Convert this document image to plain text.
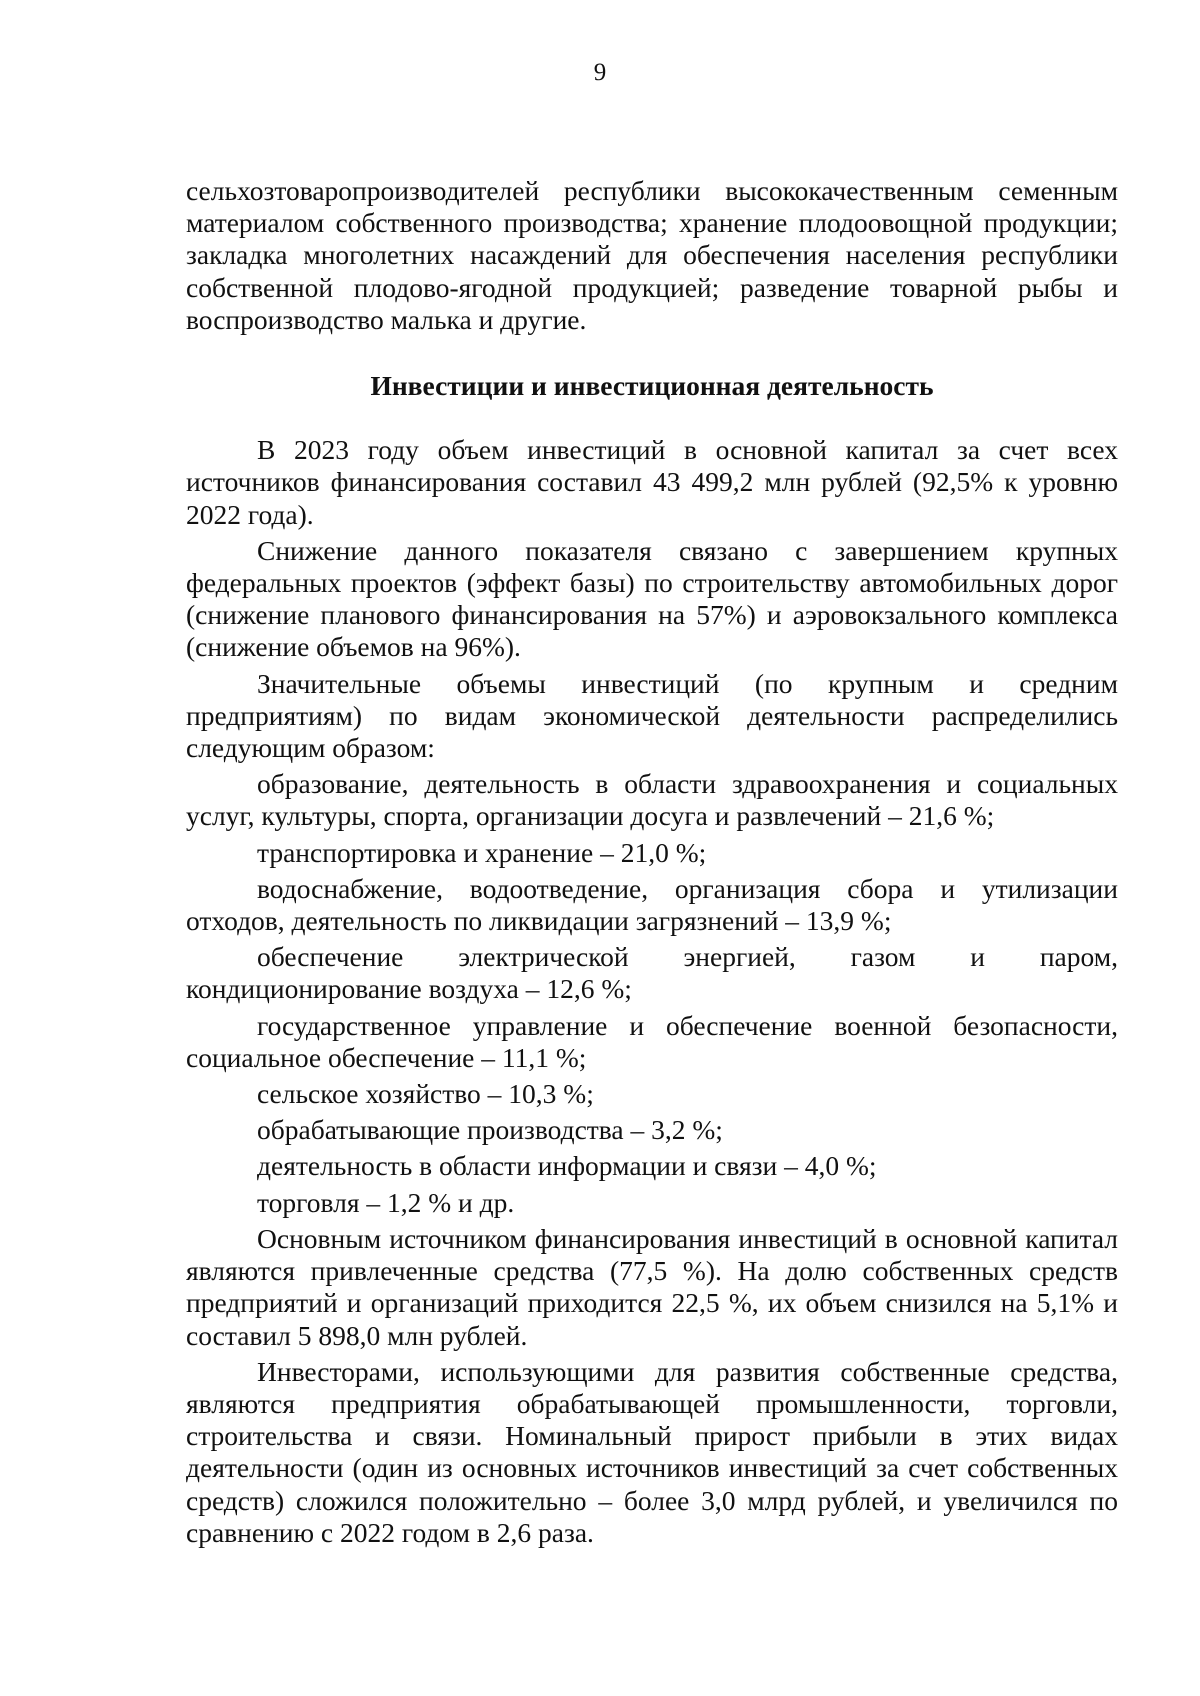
9

сельхозтоваропроизводителей республики высококачественным семенным материалом собственного производства; хранение плодоовощной продукции; закладка многолетних насаждений для обеспечения населения республики собственной плодово-ягодной продукцией; разведение товарной рыбы и воспроизводство малька и другие.

Инвестиции и инвестиционная деятельность

В 2023 году объем инвестиций в основной капитал за счет всех источников финансирования составил 43 499,2 млн рублей (92,5% к уровню 2022 года).

Снижение данного показателя связано с завершением крупных федеральных проектов (эффект базы) по строительству автомобильных дорог (снижение планового финансирования на 57%) и аэровокзального комплекса (снижение объемов на 96%).

Значительные объемы инвестиций (по крупным и средним предприятиям) по видам экономической деятельности распределились следующим образом:

образование, деятельность в области здравоохранения и социальных услуг, культуры, спорта, организации досуга и развлечений – 21,6 %;

транспортировка и хранение – 21,0 %;

водоснабжение, водоотведение, организация сбора и утилизации отходов, деятельность по ликвидации загрязнений – 13,9 %;

обеспечение электрической энергией, газом и паром, кондиционирование воздуха – 12,6 %;

государственное управление и обеспечение военной безопасности, социальное обеспечение – 11,1 %;

сельское хозяйство – 10,3 %;

обрабатывающие производства – 3,2 %;

деятельность в области информации и связи – 4,0 %;

торговля – 1,2 % и др.

Основным источником финансирования инвестиций в основной капитал являются привлеченные средства (77,5 %). На долю собственных средств предприятий и организаций приходится 22,5 %, их объем снизился на 5,1% и составил 5 898,0 млн рублей.

Инвесторами, использующими для развития собственные средства, являются предприятия обрабатывающей промышленности, торговли, строительства и связи. Номинальный прирост прибыли в этих видах деятельности (один из основных источников инвестиций за счет собственных средств) сложился положительно – более 3,0 млрд рублей, и увеличился по сравнению с 2022 годом в 2,6 раза.
